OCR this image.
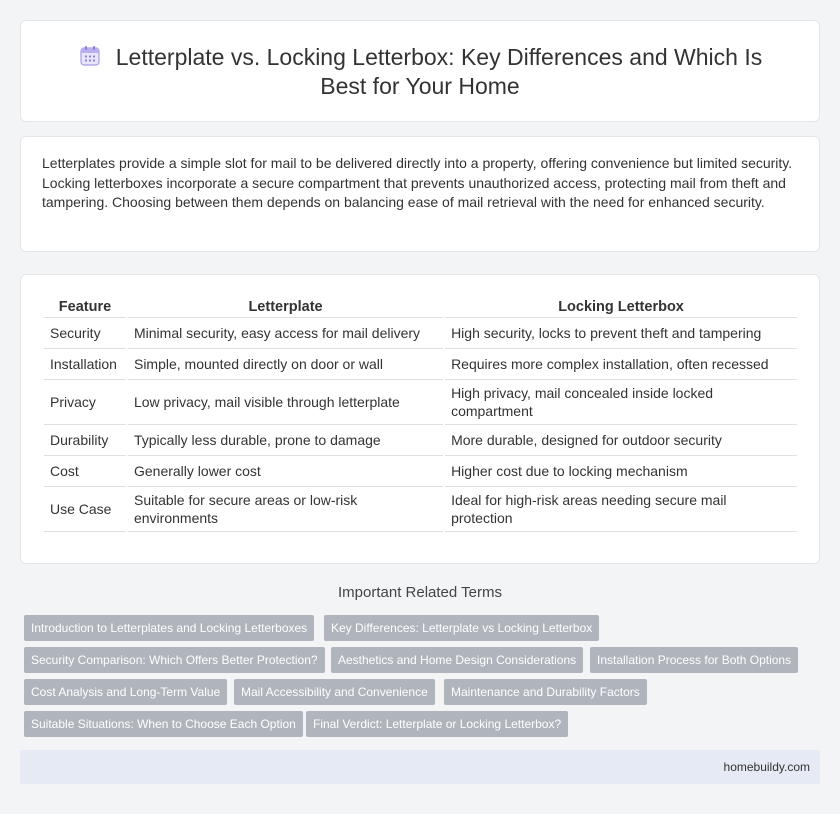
Letterplate vs. Locking Letterbox: Key Differences and Which Is Best for Your Home

Letterplates provide a simple slot for mail to be delivered directly into a property, offering convenience but limited security. Locking letterboxes incorporate a secure compartment that prevents unauthorized access, protecting mail from theft and tampering. Choosing between them depends on balancing ease of mail retrieval with the need for enhanced security.

Feature	Letterplate	Locking Letterbox
Security	Minimal security, easy access for mail delivery	High security, locks to prevent theft and tampering
Installation	Simple, mounted directly on door or wall	Requires more complex installation, often recessed
Privacy	Low privacy, mail visible through letterplate	High privacy, mail concealed inside locked compartment
Durability	Typically less durable, prone to damage	More durable, designed for outdoor security
Cost	Generally lower cost	Higher cost due to locking mechanism
Use Case	Suitable for secure areas or low-risk environments	Ideal for high-risk areas needing secure mail protection
Important Related Terms
Introduction to Letterplates and Locking Letterboxes	Key Differences: Letterplate vs Locking Letterbox
Security Comparison: Which Offers Better Protection?	Aesthetics and Home Design Considerations	Installation Process for Both Options
Cost Analysis and Long-Term Value	Mail Accessibility and Convenience	Maintenance and Durability Factors
Suitable Situations: When to Choose Each Option	Final Verdict: Letterplate or Locking Letterbox?
homebuildy.com
